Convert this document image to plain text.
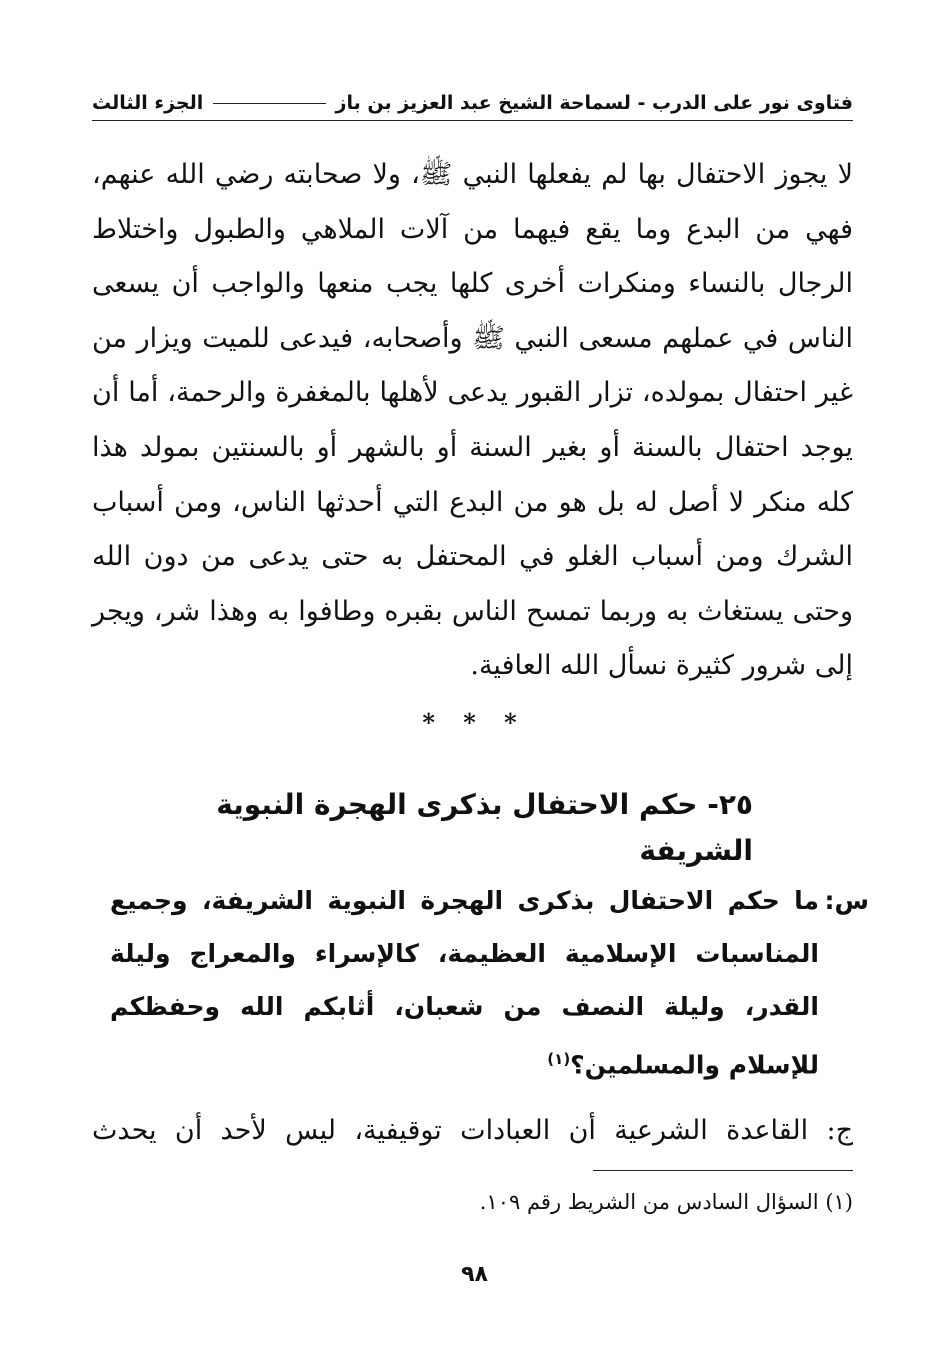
فتاوى نور على الدرب - لسماحة الشيخ عبد العزيز بن باز
الجزء الثالث

لا يجوز الاحتفال بها لم يفعلها النبي ﷺ، ولا صحابته رضي الله عنهم، فهي من البدع وما يقع فيهما من آلات الملاهي والطبول واختلاط الرجال بالنساء ومنكرات أخرى كلها يجب منعها والواجب أن يسعى الناس في عملهم مسعى النبي ﷺ وأصحابه، فيدعى للميت ويزار من غير احتفال بمولده، تزار القبور يدعى لأهلها بالمغفرة والرحمة، أما أن يوجد احتفال بالسنة أو بغير السنة أو بالشهر أو بالسنتين بمولد هذا كله منكر لا أصل له بل هو من البدع التي أحدثها الناس، ومن أسباب الشرك ومن أسباب الغلو في المحتفل به حتى يدعى من دون الله وحتى يستغاث به وربما تمسح الناس بقبره وطافوا به وهذا شر، ويجر إلى شرور كثيرة نسأل الله العافية.

* * *
٢٥- حكم الاحتفال بذكرى الهجرة النبوية الشريفة
س:
ما حكم الاحتفال بذكرى الهجرة النبوية الشريفة، وجميع المناسبات الإسلامية العظيمة، كالإسراء والمعراج وليلة القدر، وليلة النصف من شعبان، أثابكم الله وحفظكم للإسلام والمسلمين؟$^{(١)}$
ج: القاعدة الشرعية أن العبادات توقيفية، ليس لأحد أن يحدث
(١) السؤال السادس من الشريط رقم ١٠٩.
٩٨
